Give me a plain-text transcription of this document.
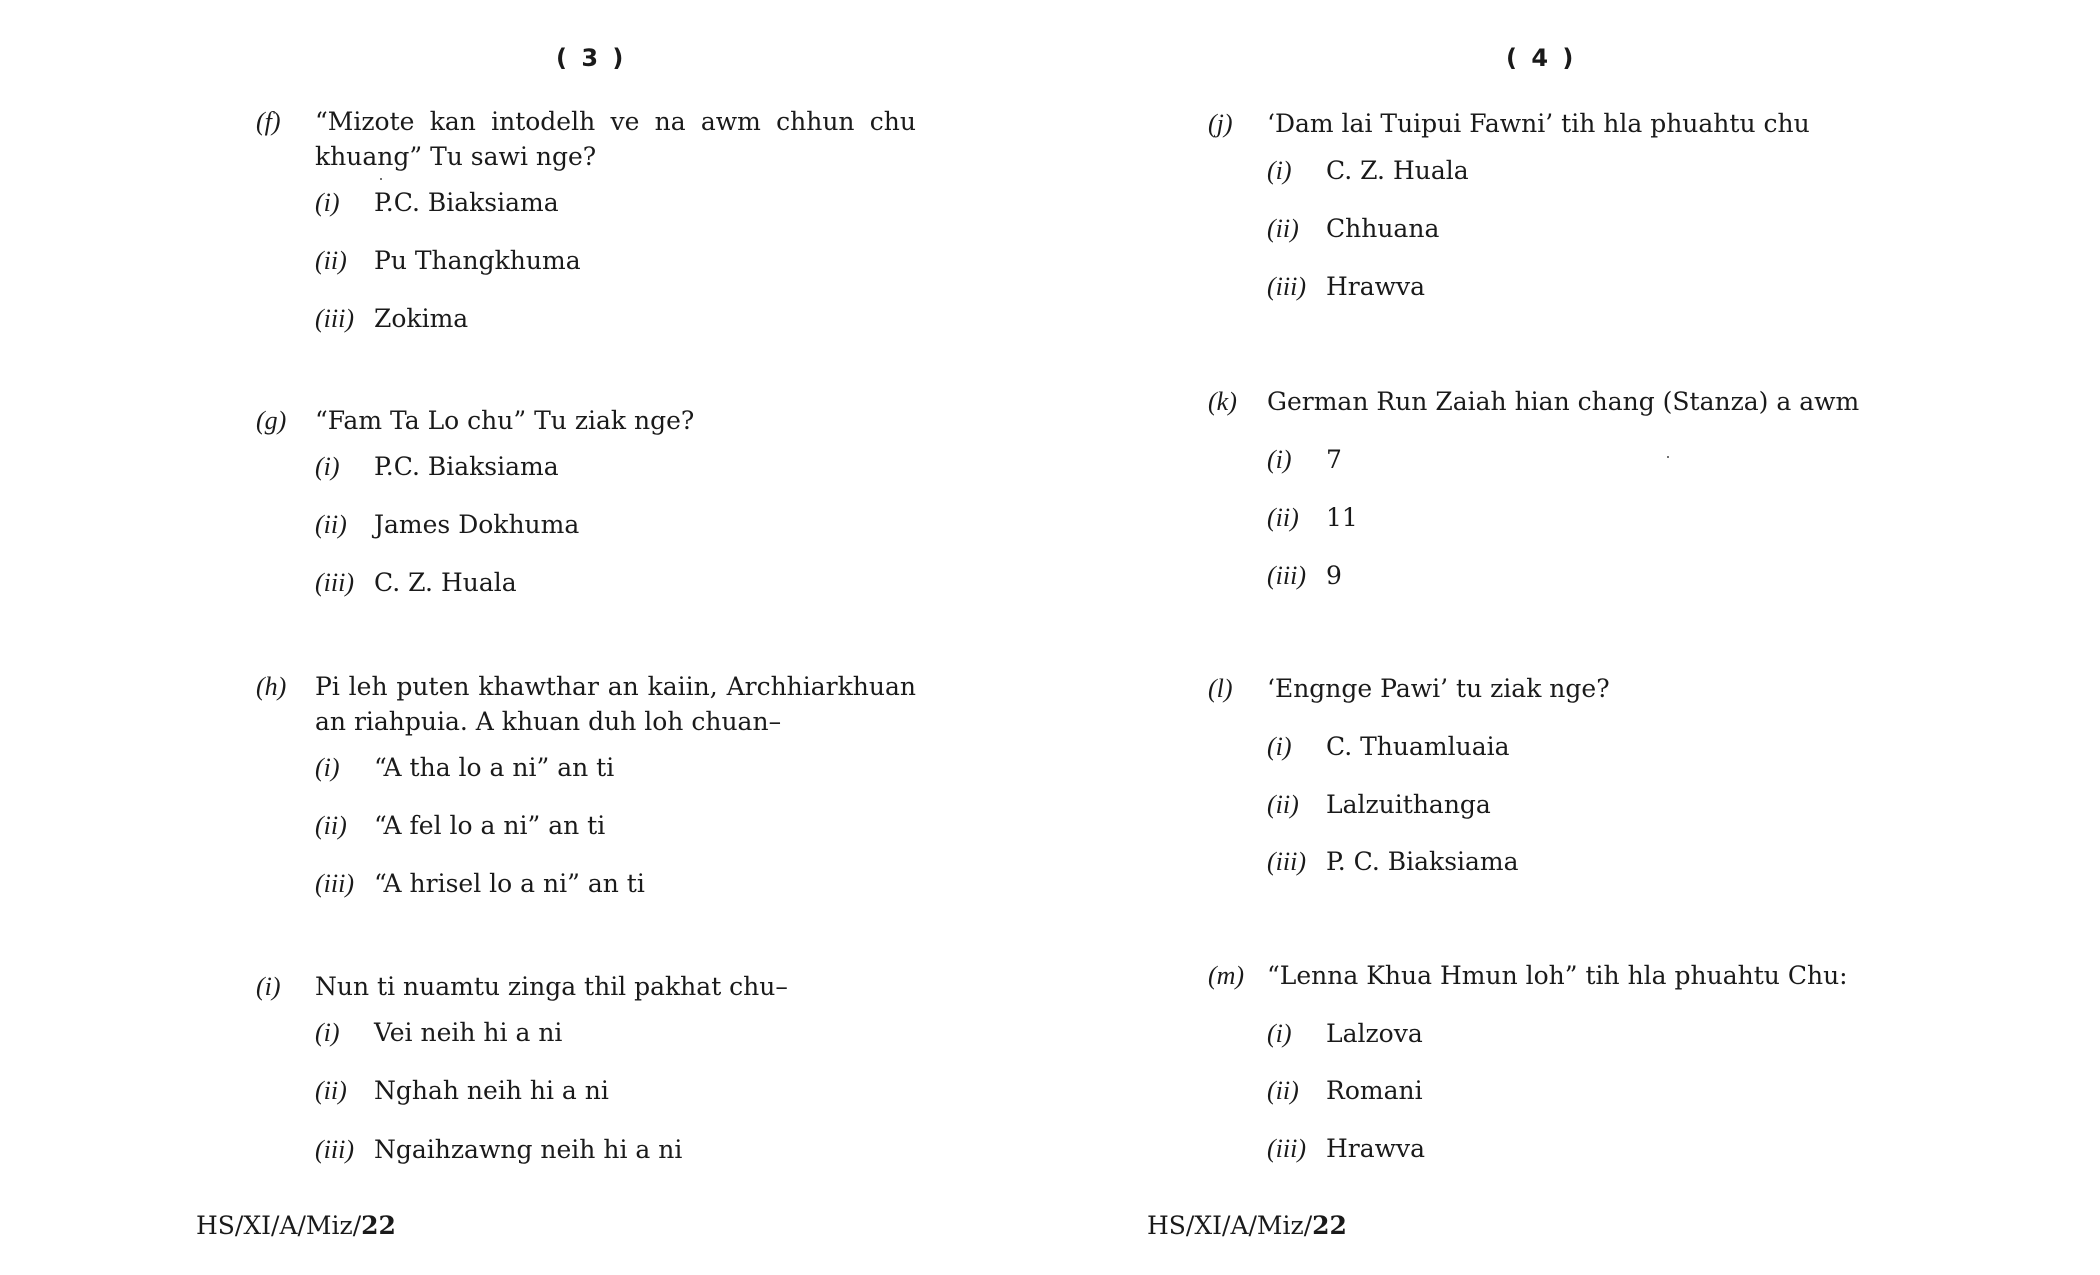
( 3 )	( 4 )
(f) “Mizote kan intodelh ve na awm chhun chu khuang” Tu sawi nge?
(i) P.C. Biaksiama
(ii) Pu Thangkhuma
(iii) Zokima
(g) “Fam Ta Lo chu” Tu ziak nge?
(i) P.C. Biaksiama
(ii) James Dokhuma
(iii) C. Z. Huala
(h) Pi leh puten khawthar an kaiin, Archhiarkhuan an riahpuia. A khuan duh loh chuan–
(i) “A tha lo a ni” an ti
(ii) “A fel lo a ni” an ti
(iii) “A hrisel lo a ni” an ti
(i) Nun ti nuamtu zinga thil pakhat chu–
(i) Vei neih hi a ni
(ii) Nghah neih hi a ni
(iii) Ngaihzawng neih hi a ni
HS/XI/A/Miz/22
(j) ‘Dam lai Tuipui Fawni’ tih hla phuahtu chu
(i) C. Z. Huala
(ii) Chhuana
(iii) Hrawva
(k) German Run Zaiah hian chang (Stanza) a awm
(i) 7
(ii) 11
(iii) 9
(l) ‘Engnge Pawi’ tu ziak nge?
(i) C. Thuamluaia
(ii) Lalzuithanga
(iii) P. C. Biaksiama
(m) “Lenna Khua Hmun loh” tih hla phuahtu Chu:
(i) Lalzova
(ii) Romani
(iii) Hrawva
HS/XI/A/Miz/22
